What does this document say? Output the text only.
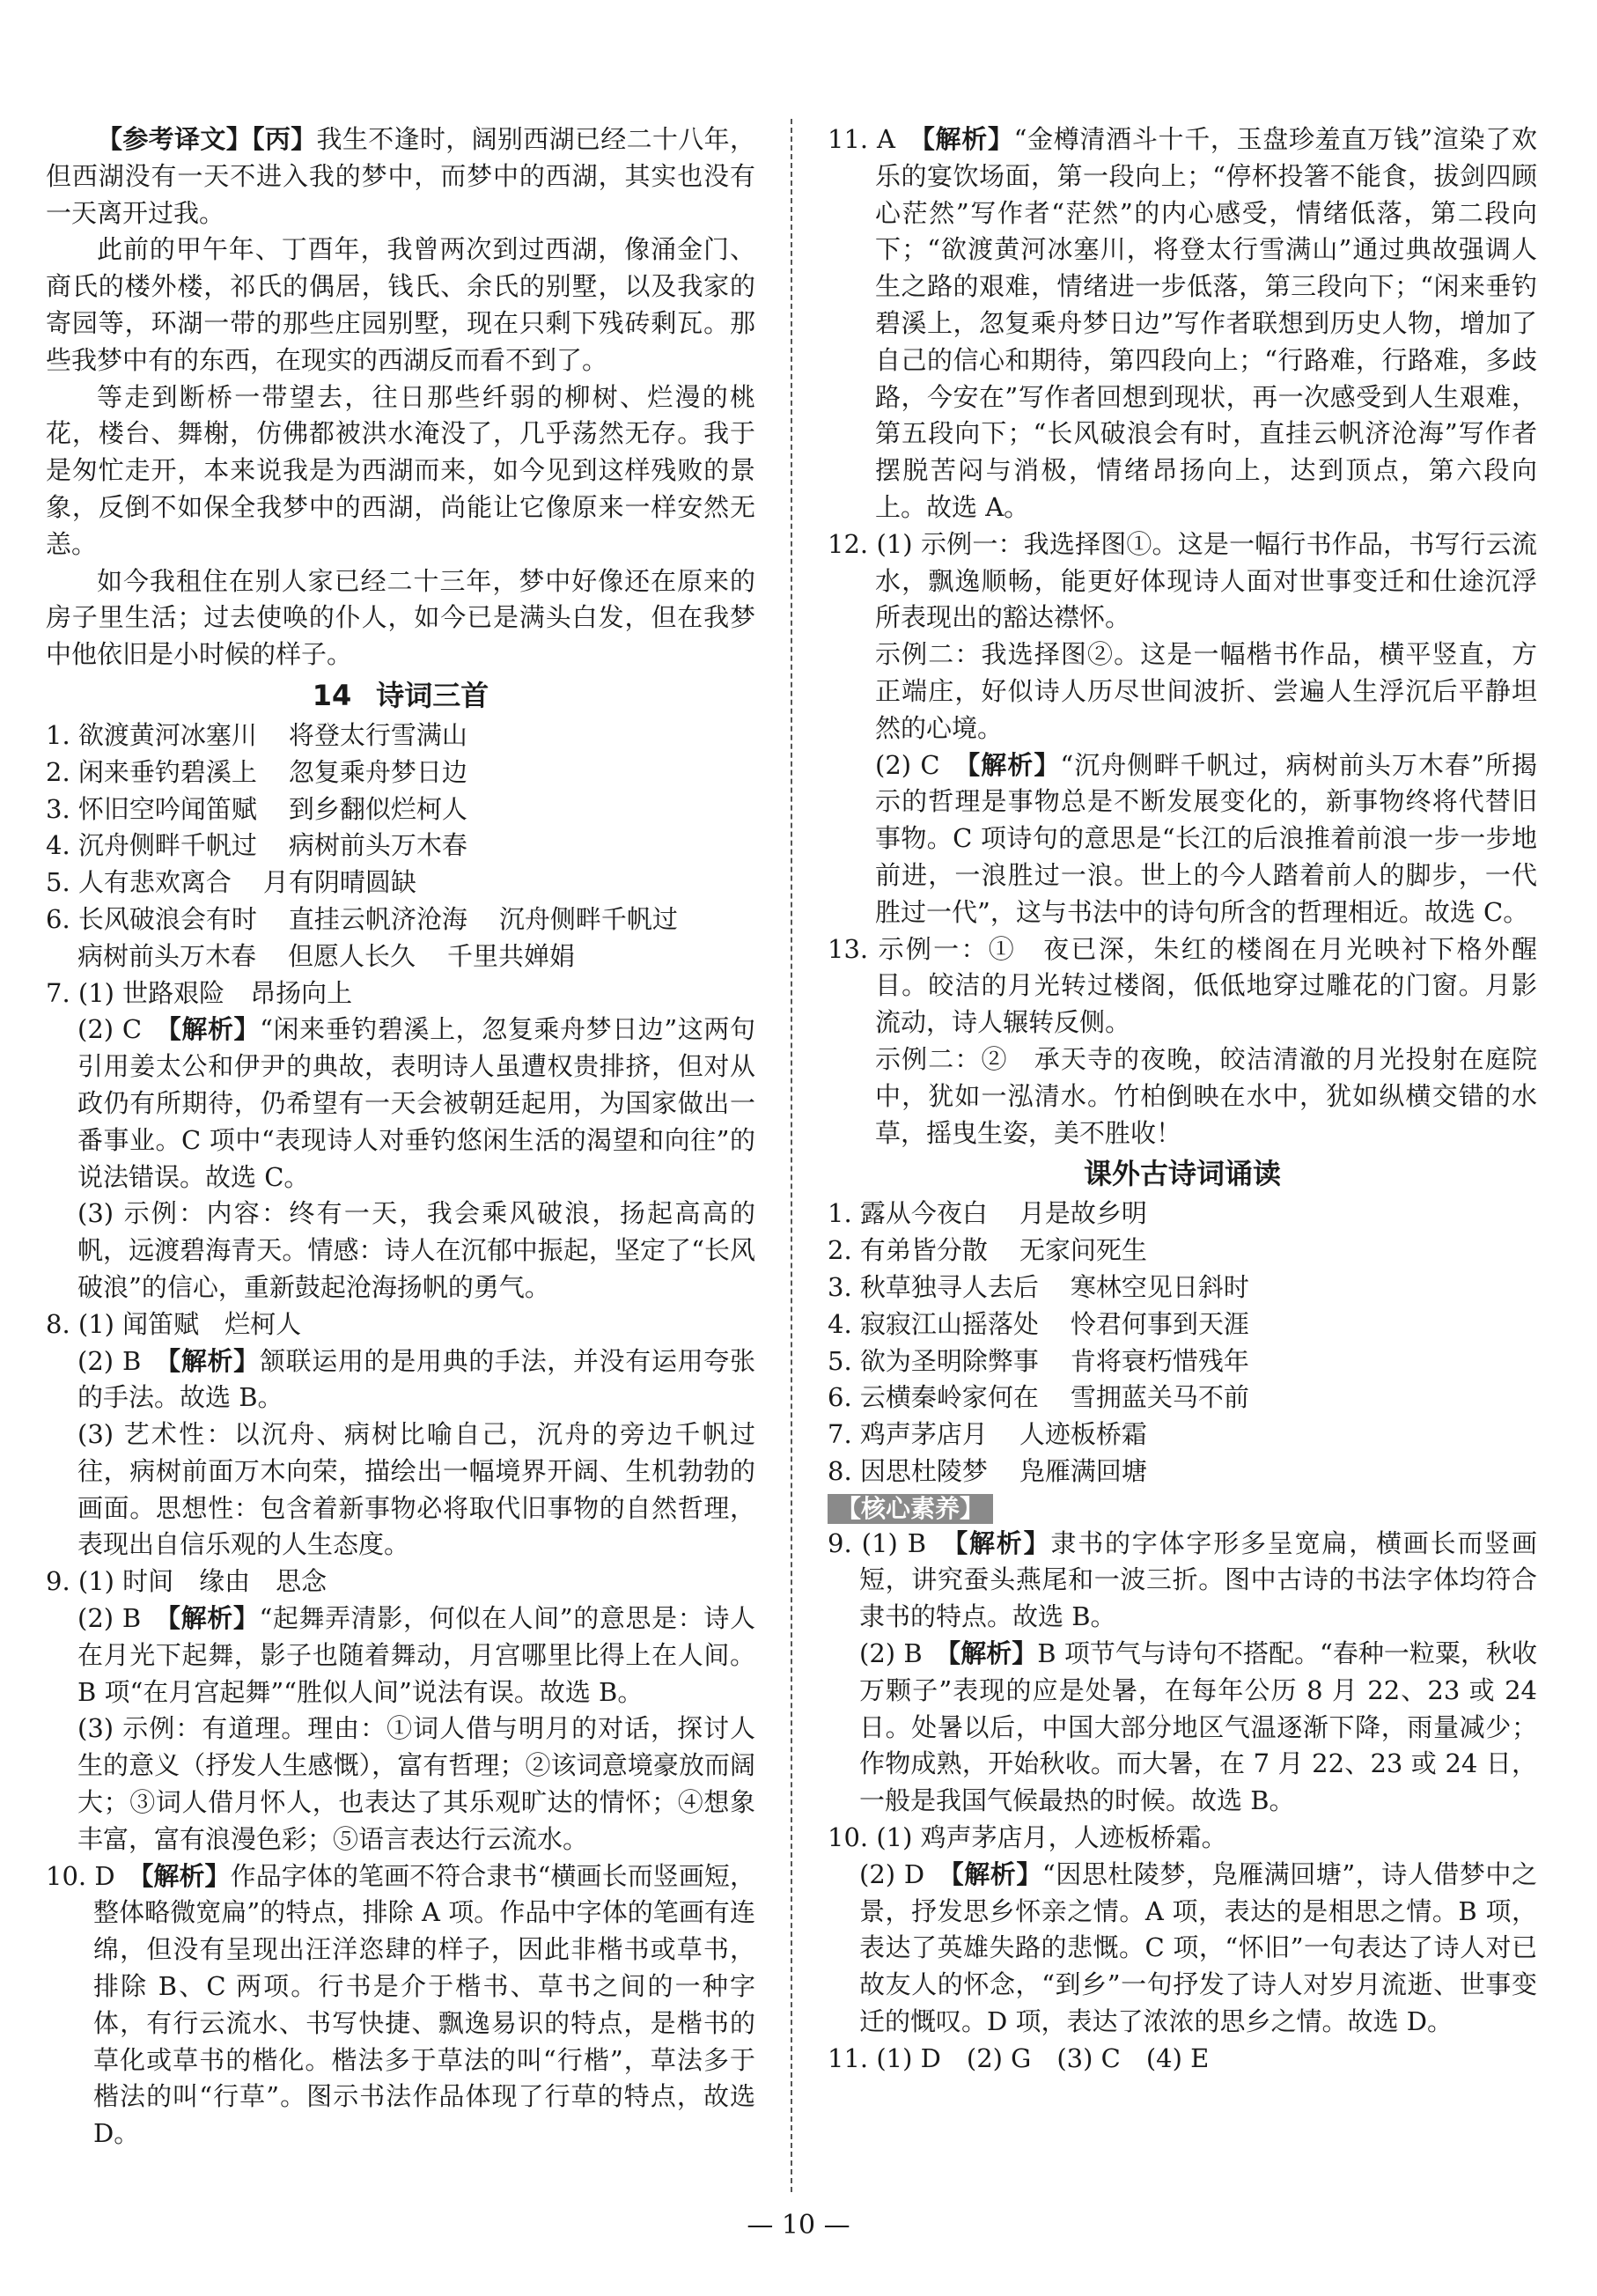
【参考译文】【丙】我生不逢时，阔别西湖已经二十八年，但西湖没有一天不进入我的梦中，而梦中的西湖，其实也没有一天离开过我。

此前的甲午年、丁酉年，我曾两次到过西湖，像涌金门、商氏的楼外楼，祁氏的偶居，钱氏、余氏的别墅，以及我家的寄园等，环湖一带的那些庄园别墅，现在只剩下残砖剩瓦。那些我梦中有的东西，在现实的西湖反而看不到了。

等走到断桥一带望去，往日那些纤弱的柳树、烂漫的桃花，楼台、舞榭，仿佛都被洪水淹没了，几乎荡然无存。我于是匆忙走开，本来说我是为西湖而来，如今见到这样残败的景象，反倒不如保全我梦中的西湖，尚能让它像原来一样安然无恙。

如今我租住在别人家已经二十三年，梦中好像还在原来的房子里生活；过去使唤的仆人，如今已是满头白发，但在我梦中他依旧是小时候的样子。

14 诗词三首

1. 欲渡黄河冰塞川 将登太行雪满山

2. 闲来垂钓碧溪上 忽复乘舟梦日边

3. 怀旧空吟闻笛赋 到乡翻似烂柯人

4. 沉舟侧畔千帆过 病树前头万木春

5. 人有悲欢离合 月有阴晴圆缺

6. 长风破浪会有时 直挂云帆济沧海 沉舟侧畔千帆过

病树前头万木春 但愿人长久 千里共婵娟

7. (1) 世路艰险　昂扬向上

(2) C　【解析】“闲来垂钓碧溪上，忽复乘舟梦日边”这两句引用姜太公和伊尹的典故，表明诗人虽遭权贵排挤，但对从政仍有所期待，仍希望有一天会被朝廷起用，为国家做出一番事业。C 项中“表现诗人对垂钓悠闲生活的渴望和向往”的说法错误。故选 C。

(3) 示例：内容：终有一天，我会乘风破浪，扬起高高的帆，远渡碧海青天。情感：诗人在沉郁中振起，坚定了“长风破浪”的信心，重新鼓起沧海扬帆的勇气。

8. (1) 闻笛赋　烂柯人

(2) B　【解析】颔联运用的是用典的手法，并没有运用夸张的手法。故选 B。

(3) 艺术性：以沉舟、病树比喻自己，沉舟的旁边千帆过往，病树前面万木向荣，描绘出一幅境界开阔、生机勃勃的画面。思想性：包含着新事物必将取代旧事物的自然哲理，表现出自信乐观的人生态度。

9. (1) 时间　缘由　思念

(2) B　【解析】“起舞弄清影，何似在人间”的意思是：诗人在月光下起舞，影子也随着舞动，月宫哪里比得上在人间。B 项“在月宫起舞”“胜似人间”说法有误。故选 B。

(3) 示例：有道理。理由：①词人借与明月的对话，探讨人生的意义（抒发人生感慨），富有哲理；②该词意境豪放而阔大；③词人借月怀人，也表达了其乐观旷达的情怀；④想象丰富，富有浪漫色彩；⑤语言表达行云流水。

10. D　【解析】作品字体的笔画不符合隶书“横画长而竖画短，整体略微宽扁”的特点，排除 A 项。作品中字体的笔画有连绵，但没有呈现出汪洋恣肆的样子，因此非楷书或草书，排除 B、C 两项。行书是介于楷书、草书之间的一种字体，有行云流水、书写快捷、飘逸易识的特点，是楷书的草化或草书的楷化。楷法多于草法的叫“行楷”，草法多于楷法的叫“行草”。图示书法作品体现了行草的特点，故选 D。

11. A　【解析】“金樽清酒斗十千，玉盘珍羞直万钱”渲染了欢乐的宴饮场面，第一段向上；“停杯投箸不能食，拔剑四顾心茫然”写作者“茫然”的内心感受，情绪低落，第二段向下；“欲渡黄河冰塞川，将登太行雪满山”通过典故强调人生之路的艰难，情绪进一步低落，第三段向下；“闲来垂钓碧溪上，忽复乘舟梦日边”写作者联想到历史人物，增加了自己的信心和期待，第四段向上；“行路难，行路难，多歧路，今安在”写作者回想到现状，再一次感受到人生艰难，第五段向下；“长风破浪会有时，直挂云帆济沧海”写作者摆脱苦闷与消极，情绪昂扬向上，达到顶点，第六段向上。故选 A。

12. (1) 示例一：我选择图①。这是一幅行书作品，书写行云流水，飘逸顺畅，能更好体现诗人面对世事变迁和仕途沉浮所表现出的豁达襟怀。

示例二：我选择图②。这是一幅楷书作品，横平竖直，方正端庄，好似诗人历尽世间波折、尝遍人生浮沉后平静坦然的心境。

(2) C　【解析】“沉舟侧畔千帆过，病树前头万木春”所揭示的哲理是事物总是不断发展变化的，新事物终将代替旧事物。C 项诗句的意思是“长江的后浪推着前浪一步一步地前进，一浪胜过一浪。世上的今人踏着前人的脚步，一代胜过一代”，这与书法中的诗句所含的哲理相近。故选 C。

13. 示例一：①　夜已深，朱红的楼阁在月光映衬下格外醒目。皎洁的月光转过楼阁，低低地穿过雕花的门窗。月影流动，诗人辗转反侧。

示例二：②　承天寺的夜晚，皎洁清澈的月光投射在庭院中，犹如一泓清水。竹柏倒映在水中，犹如纵横交错的水草，摇曳生姿，美不胜收！

课外古诗词诵读

1. 露从今夜白 月是故乡明

2. 有弟皆分散 无家问死生

3. 秋草独寻人去后 寒林空见日斜时

4. 寂寂江山摇落处 怜君何事到天涯

5. 欲为圣明除弊事 肯将衰朽惜残年

6. 云横秦岭家何在 雪拥蓝关马不前

7. 鸡声茅店月 人迹板桥霜

8. 因思杜陵梦 凫雁满回塘

【核心素养】

9. (1) B　【解析】隶书的字体字形多呈宽扁，横画长而竖画短，讲究蚕头燕尾和一波三折。图中古诗的书法字体均符合隶书的特点。故选 B。

(2) B　【解析】B 项节气与诗句不搭配。“春种一粒粟，秋收万颗子”表现的应是处暑，在每年公历 8 月 22、23 或 24 日。处暑以后，中国大部分地区气温逐渐下降，雨量减少；作物成熟，开始秋收。而大暑，在 7 月 22、23 或 24 日，一般是我国气候最热的时候。故选 B。

10. (1) 鸡声茅店月，人迹板桥霜。

(2) D　【解析】“因思杜陵梦，凫雁满回塘”，诗人借梦中之景，抒发思乡怀亲之情。A 项，表达的是相思之情。B 项，表达了英雄失路的悲慨。C 项，“怀旧”一句表达了诗人对已故友人的怀念，“到乡”一句抒发了诗人对岁月流逝、世事变迁的慨叹。D 项，表达了浓浓的思乡之情。故选 D。

11. (1) D　(2) G　(3) C　(4) E

— 10 —
